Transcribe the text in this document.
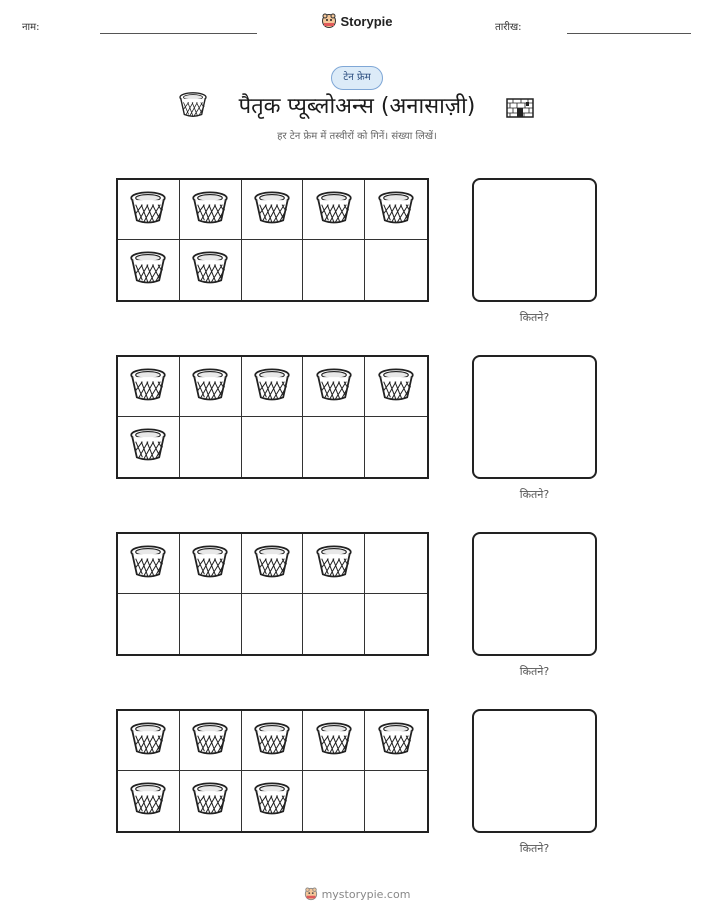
नाम:	Storypie	तारीख:
टेन फ्रेम
पैतृक प्यूब्लोअन्स (अनासाज़ी)
हर टेन फ्रेम में तस्वीरों को गिनें। संख्या लिखें।
कितने?
कितने?
कितने?
कितने?
mystorypie.com
